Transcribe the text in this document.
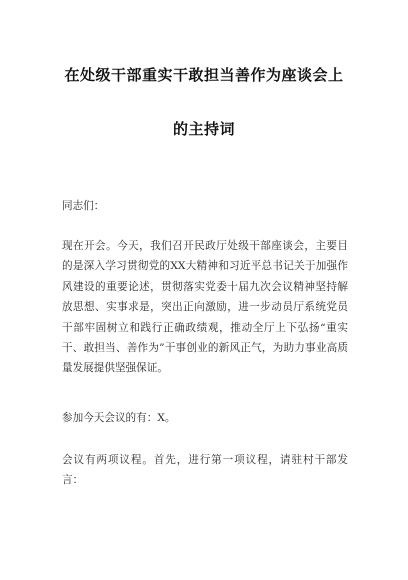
在处级干部重实干敢担当善作为座谈会上
的主持词

同志们：

现在开会。今天，我们召开民政厅处级干部座谈会，主要目的是深入学习贯彻党的XX大精神和习近平总书记关于加强作风建设的重要论述，贯彻落实党委十届九次会议精神坚持解放思想、实事求是，突出正向激励，进一步动员厅系统党员干部牢固树立和践行正确政绩观，推动全厅上下弘扬“重实干、敢担当、善作为”干事创业的新风正气，为助力事业高质量发展提供坚强保证。

参加今天会议的有：X。

会议有两项议程。首先，进行第一项议程，请驻村干部发言：
